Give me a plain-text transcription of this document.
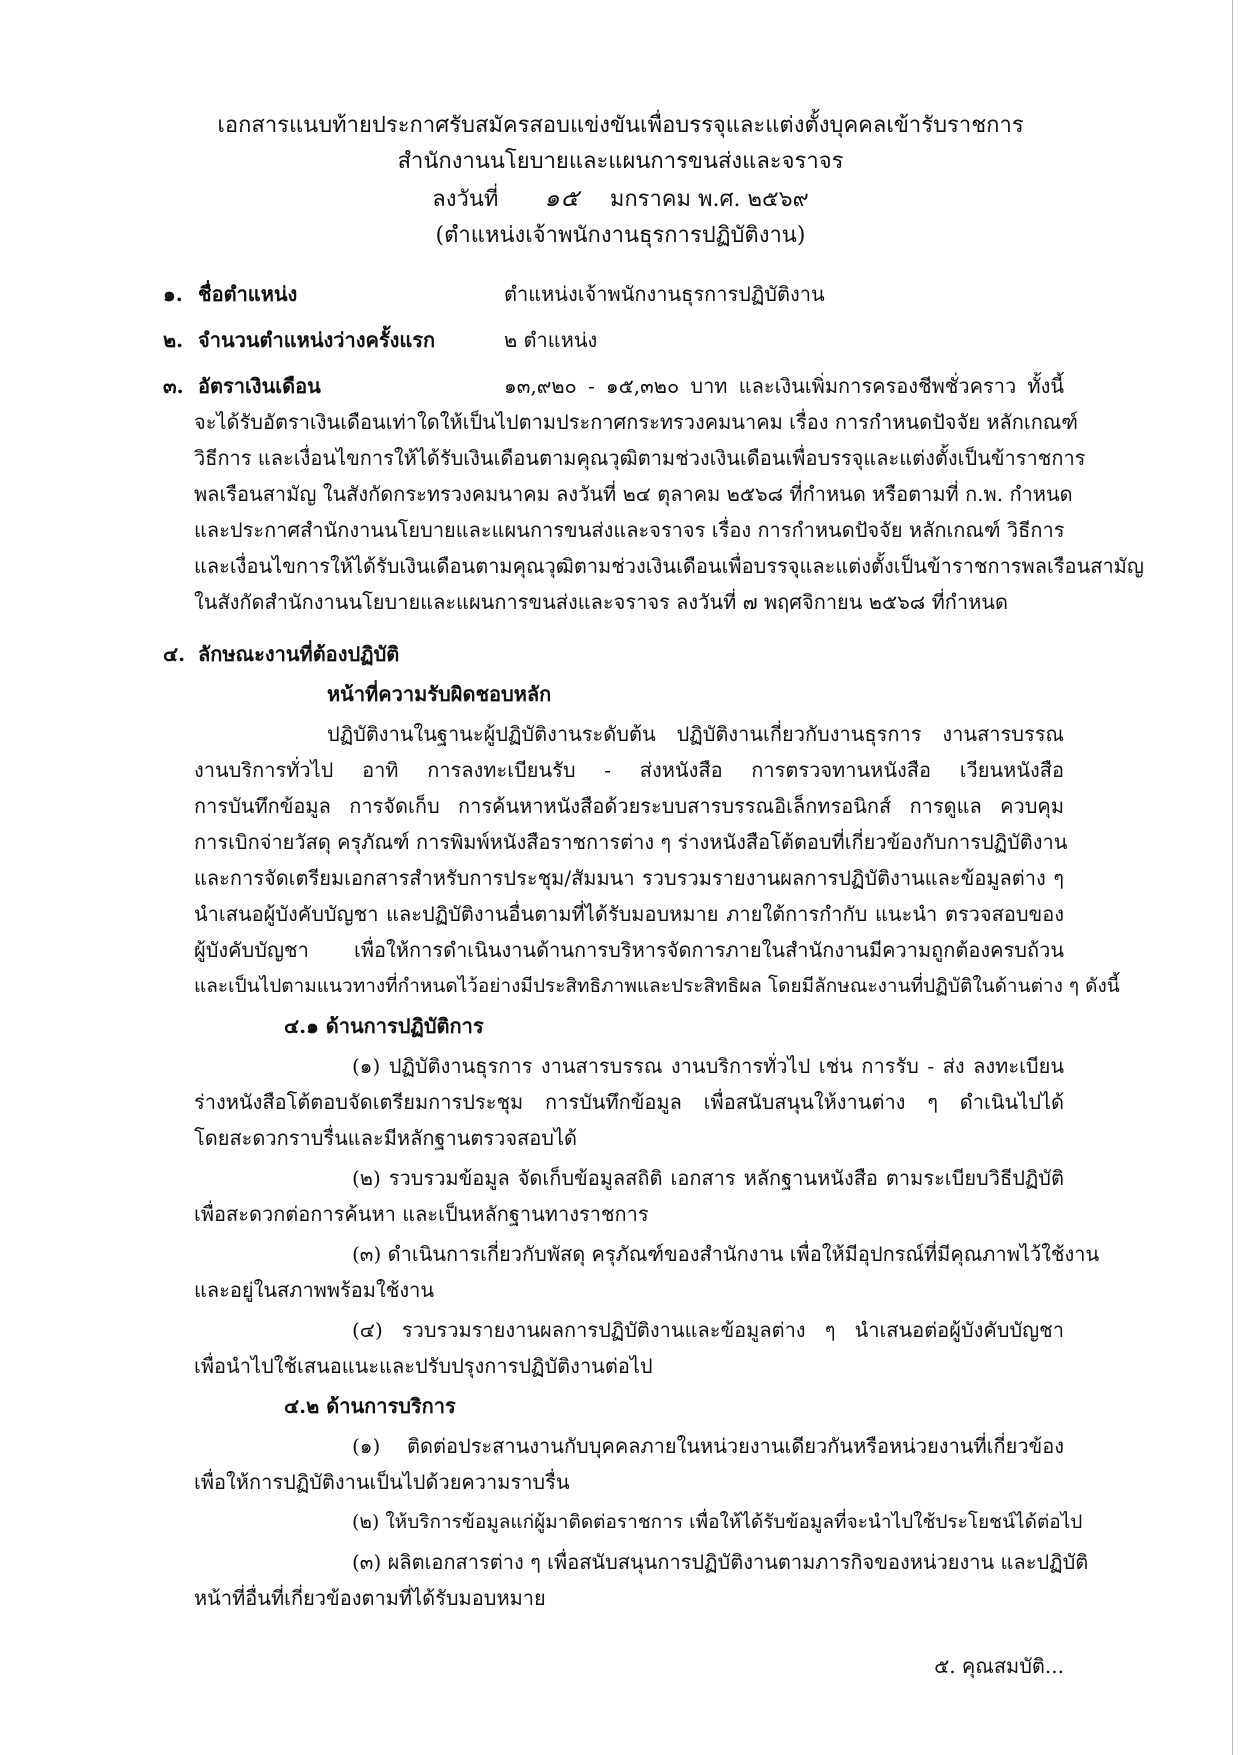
เอกสารแนบท้ายประกาศรับสมัครสอบแข่งขันเพื่อบรรจุและแต่งตั้งบุคคลเข้ารับราชการ
สำนักงานนโยบายและแผนการขนส่งและจราจร
ลงวันที่ ๑๕ มกราคม พ.ศ. ๒๕๖๙
(ตำแหน่งเจ้าพนักงานธุรการปฏิบัติงาน)
๑. ชื่อตำแหน่ง	ตำแหน่งเจ้าพนักงานธุรการปฏิบัติงาน
๒. จำนวนตำแหน่งว่างครั้งแรก	๒ ตำแหน่ง
๓. อัตราเงินเดือน	๑๓,๙๒๐ - ๑๕,๓๒๐ บาท และเงินเพิ่มการครองชีพชั่วคราว ทั้งนี้
จะได้รับอัตราเงินเดือนเท่าใดให้เป็นไปตามประกาศกระทรวงคมนาคม เรื่อง การกำหนดปัจจัย หลักเกณฑ์
วิธีการ และเงื่อนไขการให้ได้รับเงินเดือนตามคุณวุฒิตามช่วงเงินเดือนเพื่อบรรจุและแต่งตั้งเป็นข้าราชการ
พลเรือนสามัญ ในสังกัดกระทรวงคมนาคม ลงวันที่ ๒๔ ตุลาคม ๒๕๖๘ ที่กำหนด หรือตามที่ ก.พ. กำหนด
และประกาศสำนักงานนโยบายและแผนการขนส่งและจราจร เรื่อง การกำหนดปัจจัย หลักเกณฑ์ วิธีการ
และเงื่อนไขการให้ได้รับเงินเดือนตามคุณวุฒิตามช่วงเงินเดือนเพื่อบรรจุและแต่งตั้งเป็นข้าราชการพลเรือนสามัญ
ในสังกัดสำนักงานนโยบายและแผนการขนส่งและจราจร ลงวันที่ ๗ พฤศจิกายน ๒๕๖๘ ที่กำหนด
๔. ลักษณะงานที่ต้องปฏิบัติ
หน้าที่ความรับผิดชอบหลัก
ปฏิบัติงานในฐานะผู้ปฏิบัติงานระดับต้น ปฏิบัติงานเกี่ยวกับงานธุรการ งานสารบรรณ
งานบริการทั่วไป อาทิ การลงทะเบียนรับ - ส่งหนังสือ การตรวจทานหนังสือ เวียนหนังสือ
การบันทึกข้อมูล การจัดเก็บ การค้นหาหนังสือด้วยระบบสารบรรณอิเล็กทรอนิกส์ การดูแล ควบคุม
การเบิกจ่ายวัสดุ ครุภัณฑ์ การพิมพ์หนังสือราชการต่าง ๆ ร่างหนังสือโต้ตอบที่เกี่ยวข้องกับการปฏิบัติงาน
และการจัดเตรียมเอกสารสำหรับการประชุม/สัมมนา รวบรวมรายงานผลการปฏิบัติงานและข้อมูลต่าง ๆ
นำเสนอผู้บังคับบัญชา และปฏิบัติงานอื่นตามที่ได้รับมอบหมาย ภายใต้การกำกับ แนะนำ ตรวจสอบของ
ผู้บังคับบัญชา เพื่อให้การดำเนินงานด้านการบริหารจัดการภายในสำนักงานมีความถูกต้องครบถ้วน
และเป็นไปตามแนวทางที่กำหนดไว้อย่างมีประสิทธิภาพและประสิทธิผล โดยมีลักษณะงานที่ปฏิบัติในด้านต่าง ๆ ดังนี้
๔.๑ ด้านการปฏิบัติการ
(๑) ปฏิบัติงานธุรการ งานสารบรรณ งานบริการทั่วไป เช่น การรับ - ส่ง ลงทะเบียน
ร่างหนังสือโต้ตอบจัดเตรียมการประชุม การบันทึกข้อมูล เพื่อสนับสนุนให้งานต่าง ๆ ดำเนินไปได้
โดยสะดวกราบรื่นและมีหลักฐานตรวจสอบได้
(๒) รวบรวมข้อมูล จัดเก็บข้อมูลสถิติ เอกสาร หลักฐานหนังสือ ตามระเบียบวิธีปฏิบัติ
เพื่อสะดวกต่อการค้นหา และเป็นหลักฐานทางราชการ
(๓) ดำเนินการเกี่ยวกับพัสดุ ครุภัณฑ์ของสำนักงาน เพื่อให้มีอุปกรณ์ที่มีคุณภาพไว้ใช้งาน
และอยู่ในสภาพพร้อมใช้งาน
(๔) รวบรวมรายงานผลการปฏิบัติงานและข้อมูลต่าง ๆ นำเสนอต่อผู้บังคับบัญชา
เพื่อนำไปใช้เสนอแนะและปรับปรุงการปฏิบัติงานต่อไป
๔.๒ ด้านการบริการ
(๑) ติดต่อประสานงานกับบุคคลภายในหน่วยงานเดียวกันหรือหน่วยงานที่เกี่ยวข้อง
เพื่อให้การปฏิบัติงานเป็นไปด้วยความราบรื่น
(๒) ให้บริการข้อมูลแก่ผู้มาติดต่อราชการ เพื่อให้ได้รับข้อมูลที่จะนำไปใช้ประโยชน์ได้ต่อไป
(๓) ผลิตเอกสารต่าง ๆ เพื่อสนับสนุนการปฏิบัติงานตามภารกิจของหน่วยงาน และปฏิบัติ
หน้าที่อื่นที่เกี่ยวข้องตามที่ได้รับมอบหมาย
๕. คุณสมบัติ...
